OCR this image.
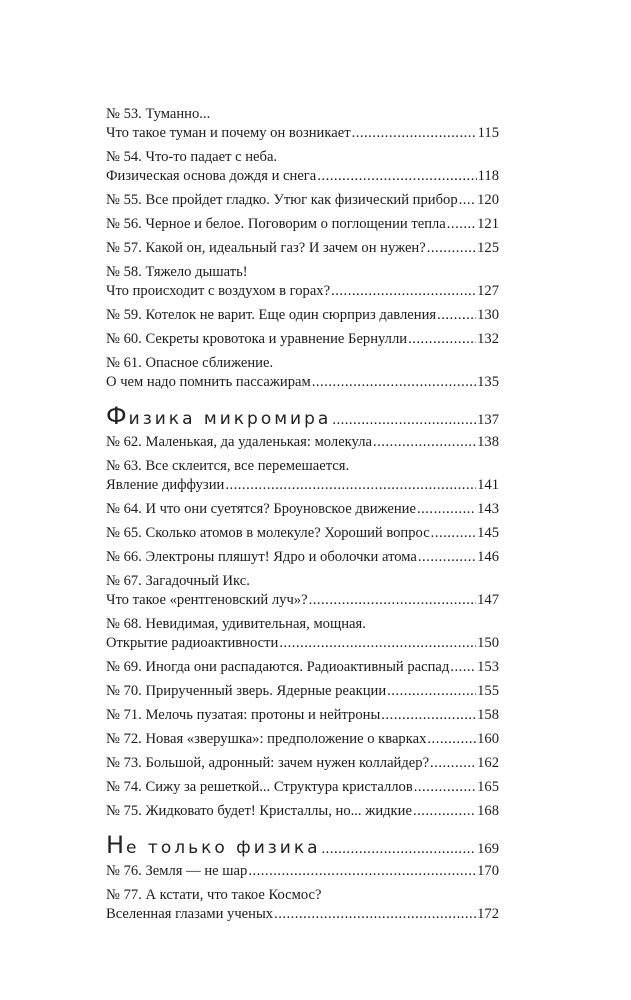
№ 53. Туманно...
Что такое туман и почему он возникает .....	115
№ 54. Что-то падает с неба.
Физическая основа дождя и снега .....	118
№ 55. Все пройдет гладко. Утюг как физический прибор ..... 120
№ 56. Черное и белое. Поговорим о поглощении тепла ..... 121
№ 57. Какой он, идеальный газ? И зачем он нужен? .....	125
№ 58. Тяжело дышать!
Что происходит с воздухом в горах? .....	127
№ 59. Котелок не варит. Еще один сюрприз давления .....	130
№ 60. Секреты кровотока и уравнение Бернулли .....	132
№ 61. Опасное сближение.
О чем надо помнить пассажирам .....	135
Физика микромира .....	137
№ 62. Маленькая, да удаленькая: молекула .....	138
№ 63. Все склеится, все перемешается.
Явление диффузии .....	141
№ 64. И что они суетятся? Броуновское движение .....	143
№ 65. Сколько атомов в молекуле? Хороший вопрос .....	145
№ 66. Электроны пляшут! Ядро и оболочки атома .....	146
№ 67. Загадочный Икс.
Что такое «рентгеновский луч»? .....	147
№ 68. Невидимая, удивительная, мощная.
Открытие радиоактивности .....	150
№ 69. Иногда они распадаются. Радиоактивный распад ..... 153
№ 70. Прирученный зверь. Ядерные реакции .....	155
№ 71. Мелочь пузатая: протоны и нейтроны .....	158
№ 72. Новая «зверушка»: предположение о кварках .....	160
№ 73. Большой, адронный: зачем нужен коллайдер? .....	162
№ 74. Сижу за решеткой... Структура кристаллов .....	165
№ 75. Жидковато будет! Кристаллы, но... жидкие .....	168
Не только физика .....	169
№ 76. Земля — не шар .....	170
№ 77. А кстати, что такое Космос?
Вселенная глазами ученых .....	172
